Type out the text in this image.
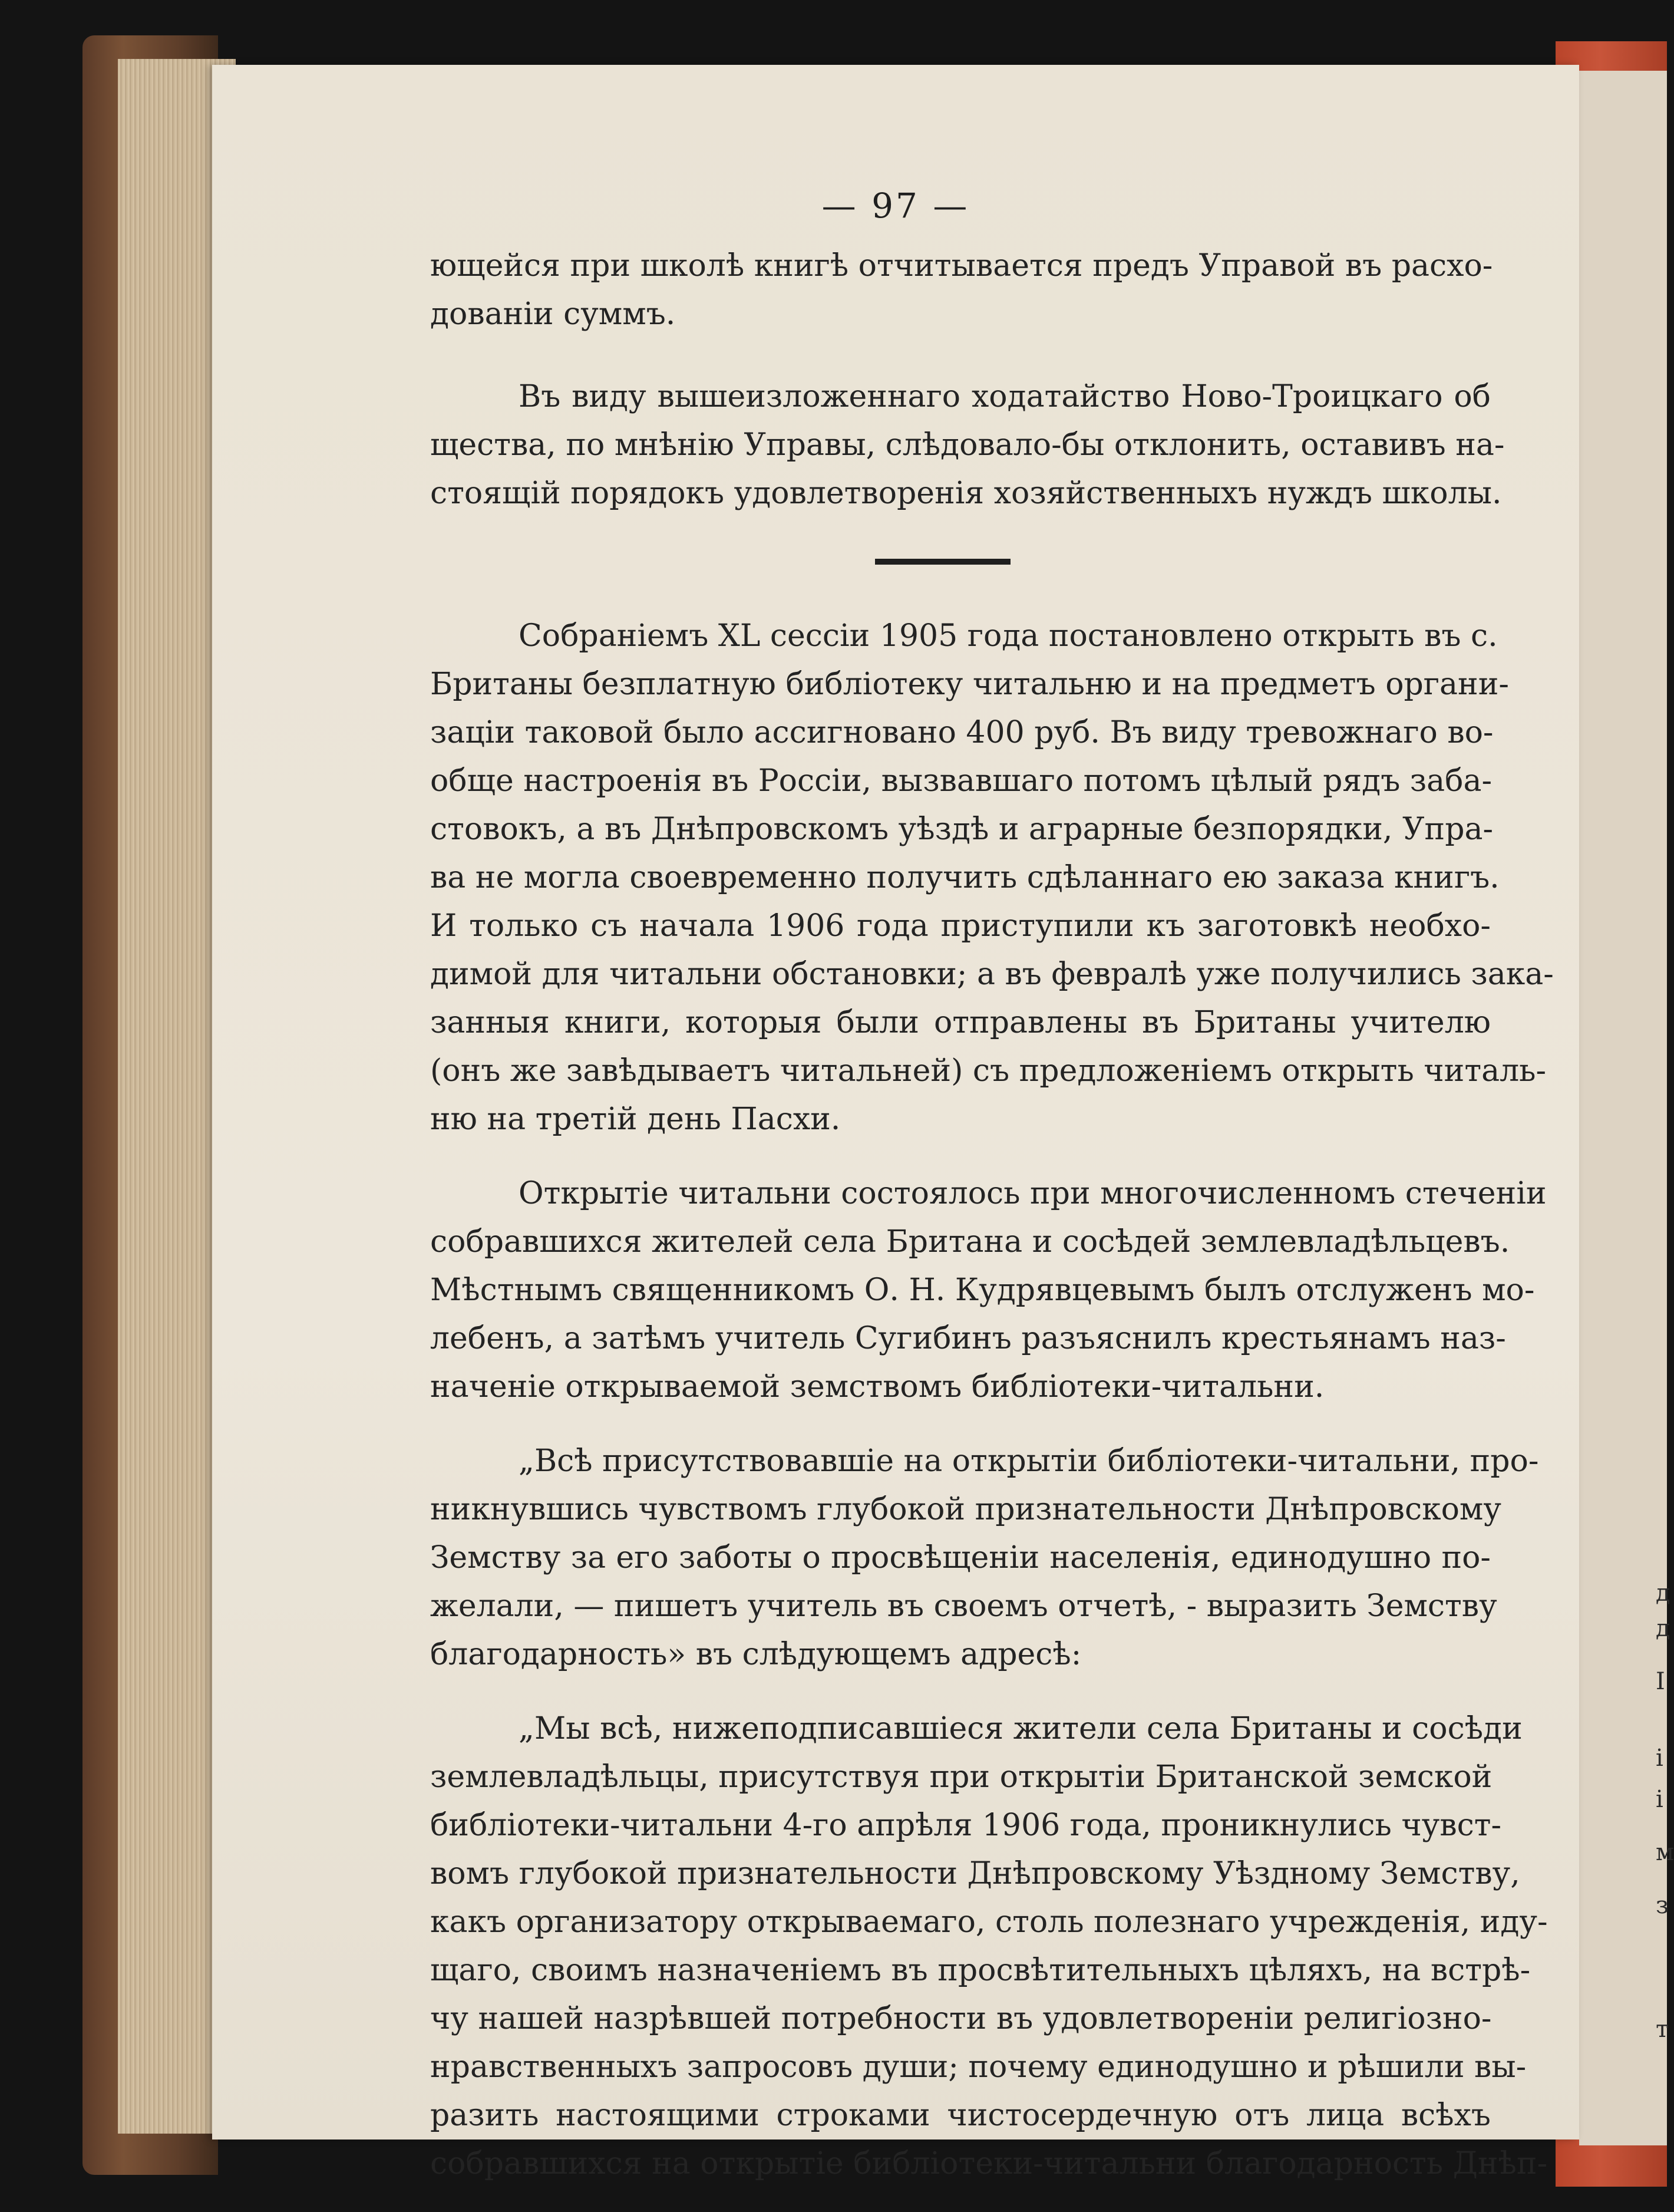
д
д
І
і
і
м
з
т
— 97 —
ющейся при школѣ книгѣ отчитывается предъ Управой въ расхо-
дованіи суммъ.
Въ виду вышеизложеннаго ходатайство Ново-Троицкаго об
щества, по мнѣнію Управы, слѣдовало-бы отклонить, оставивъ на-
стоящій порядокъ удовлетворенія хозяйственныхъ нуждъ школы.
Собраніемъ XL сессіи 1905 года постановлено открыть въ с.
Британы безплатную библіотеку читальню и на предметъ органи-
заціи таковой было ассигновано 400 руб. Въ виду тревожнаго во-
обще настроенія въ Россіи, вызвавшаго потомъ цѣлый рядъ заба-
стовокъ, а въ Днѣпровскомъ уѣздѣ и аграрные безпорядки, Упра-
ва не могла своевременно получить сдѣланнаго ею заказа книгъ.
И только съ начала 1906 года приступили къ заготовкѣ необхо-
димой для читальни обстановки; а въ февралѣ уже получились зака-
занныя книги, которыя были отправлены въ Британы учителю
(онъ же завѣдываетъ читальней) съ предложеніемъ открыть читаль-
ню на третій день Пасхи.
Открытіе читальни состоялось при многочисленномъ стеченіи
собравшихся жителей села Британа и сосѣдей землевладѣльцевъ.
Мѣстнымъ священникомъ О. Н. Кудрявцевымъ былъ отслуженъ мо-
лебенъ, а затѣмъ учитель Сугибинъ разъяснилъ крестьянамъ наз-
наченіе открываемой земствомъ библіотеки-читальни.
„Всѣ присутствовавшіе на открытіи библіотеки-читальни, про-
никнувшись чувствомъ глубокой признательности Днѣпровскому
Земству за его заботы о просвѣщеніи населенія, единодушно по-
желали, — пишетъ учитель въ своемъ отчетѣ, - выразить Земству
благодарность» въ слѣдующемъ адресѣ:
„Мы всѣ, нижеподписавшіеся жители села Британы и сосѣди
землевладѣльцы, присутствуя при открытіи Британской земской
библіотеки-читальни 4-го апрѣля 1906 года, проникнулись чувст-
вомъ глубокой признательности Днѣпровскому Уѣздному Земству,
какъ организатору открываемаго, столь полезнаго учрежденія, иду-
щаго, своимъ назначеніемъ въ просвѣтительныхъ цѣляхъ, на встрѣ-
чу нашей назрѣвшей потребности въ удовлетвореніи религіозно-
нравственныхъ запросовъ души; почему единодушно и рѣшили вы-
разить настоящими строками чистосердечную отъ лица всѣхъ
собравшихся на открытіе библіотеки-читальни благодарность Днѣп-
